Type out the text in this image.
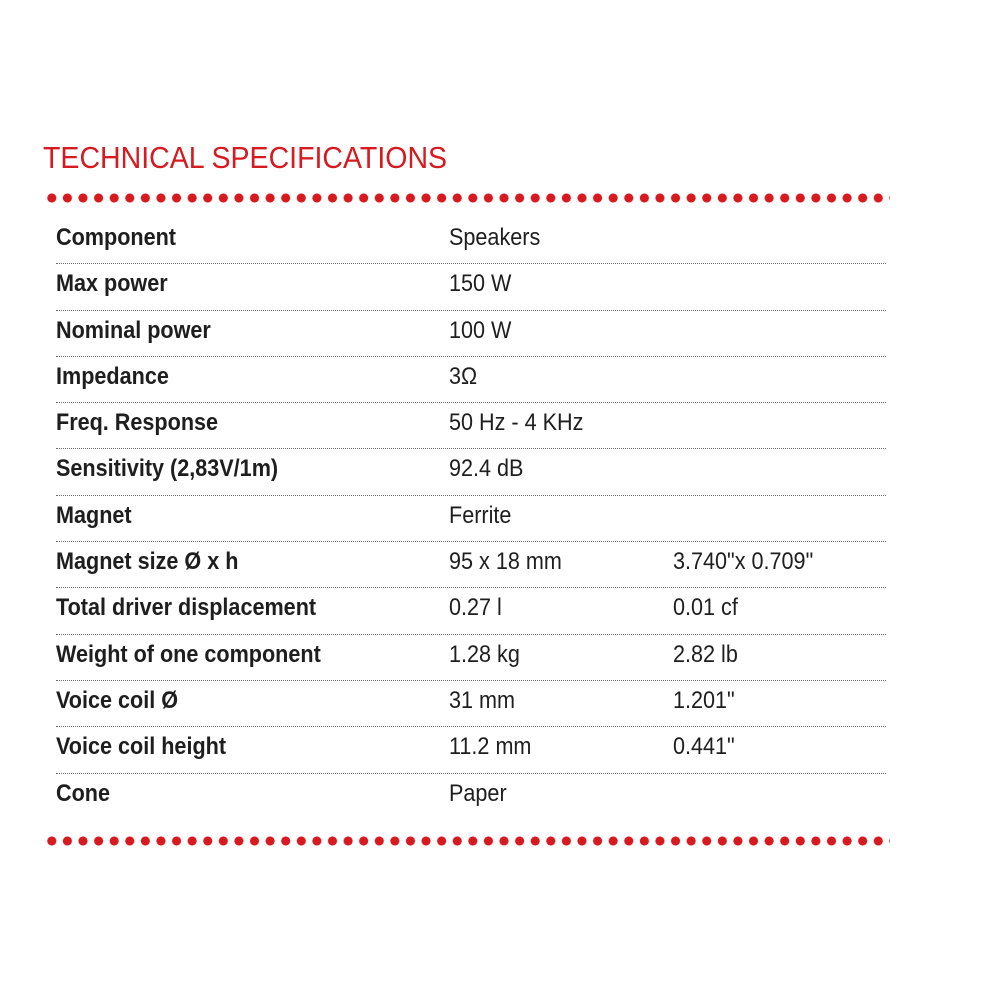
TECHNICAL SPECIFICATIONS
Component	Speakers
Max power	150 W
Nominal power	100 W
Impedance	3Ω
Freq. Response	50 Hz - 4 KHz
Sensitivity (2,83V/1m)	92.4 dB
Magnet	Ferrite
Magnet size Ø x h	95 x 18 mm	3.740"x 0.709"
Total driver displacement	0.27 l	0.01 cf
Weight of one component	1.28 kg	2.82 lb
Voice coil Ø	31 mm	1.201"
Voice coil height	11.2 mm	0.441"
Cone	Paper
